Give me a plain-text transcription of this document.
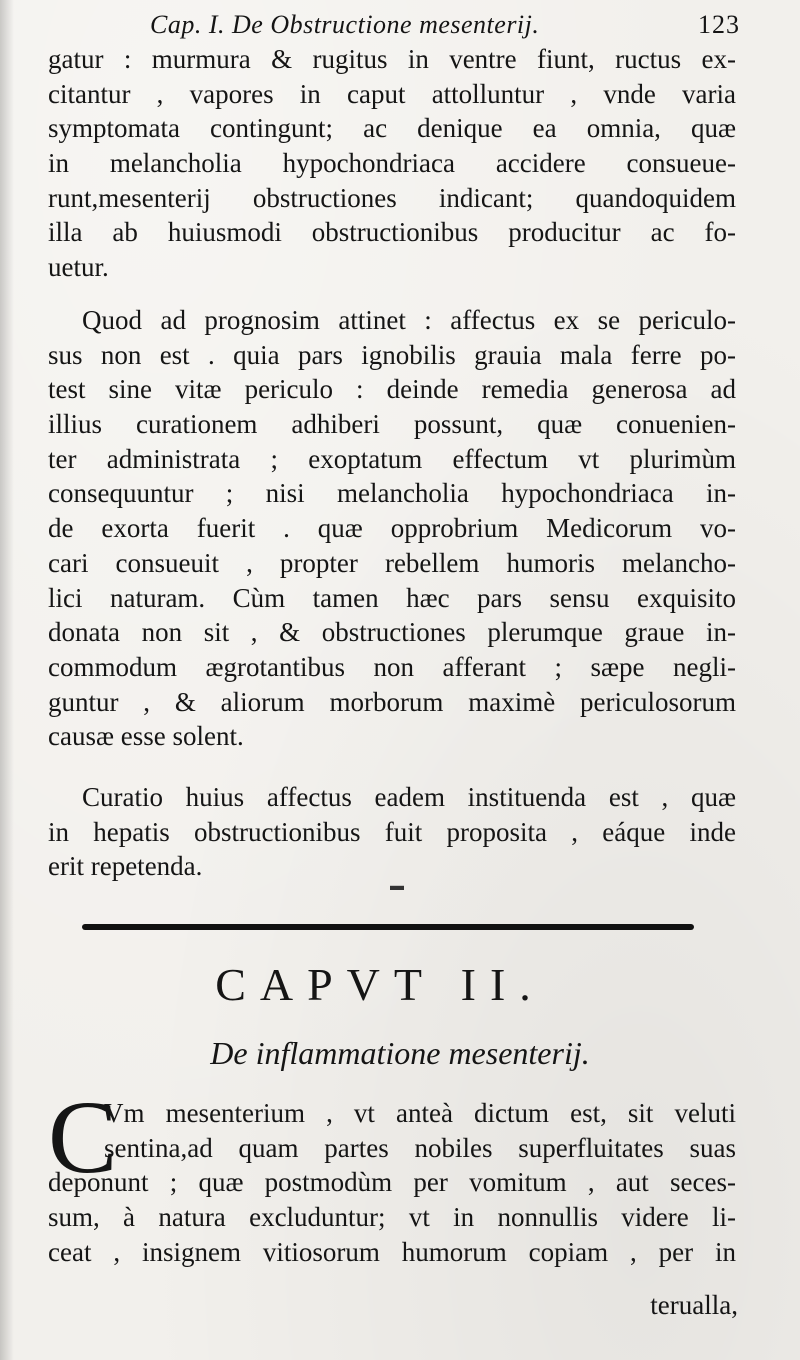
Cap. I. De Obstructione mesenterij.	123
gatur : murmura & rugitus in ventre fiunt, ructus ex-
citantur , vapores in caput attolluntur , vnde varia
symptomata contingunt; ac denique ea omnia, quæ
in melancholia hypochondriaca accidere consueue-
runt,mesenterij obstructiones indicant; quandoquidem
illa ab huiusmodi obstructionibus producitur ac fo-
uetur.
Quod ad prognosim attinet : affectus ex se periculo-
sus non est . quia pars ignobilis grauia mala ferre po-
test sine vitæ periculo : deinde remedia generosa ad
illius curationem adhiberi possunt, quæ conuenien-
ter administrata ; exoptatum effectum vt plurimùm
consequuntur ; nisi melancholia hypochondriaca in-
de exorta fuerit . quæ opprobrium Medicorum vo-
cari consueuit , propter rebellem humoris melancho-
lici naturam. Cùm tamen hæc pars sensu exquisito
donata non sit , & obstructiones plerumque graue in-
commodum ægrotantibus non afferant ; sæpe negli-
guntur , & aliorum morborum maximè periculosorum
causæ esse solent.
Curatio huius affectus eadem instituenda est , quæ
in hepatis obstructionibus fuit proposita , eáque inde
erit repetenda.
▬
CAPVT II.
De inflammatione mesenterij.
C
Vm mesenterium , vt anteà dictum est, sit veluti
sentina,ad quam partes nobiles superfluitates suas
deponunt ; quæ postmodùm per vomitum , aut seces-
sum, à natura excluduntur; vt in nonnullis videre li-
ceat , insignem vitiosorum humorum copiam , per in
terualla,
